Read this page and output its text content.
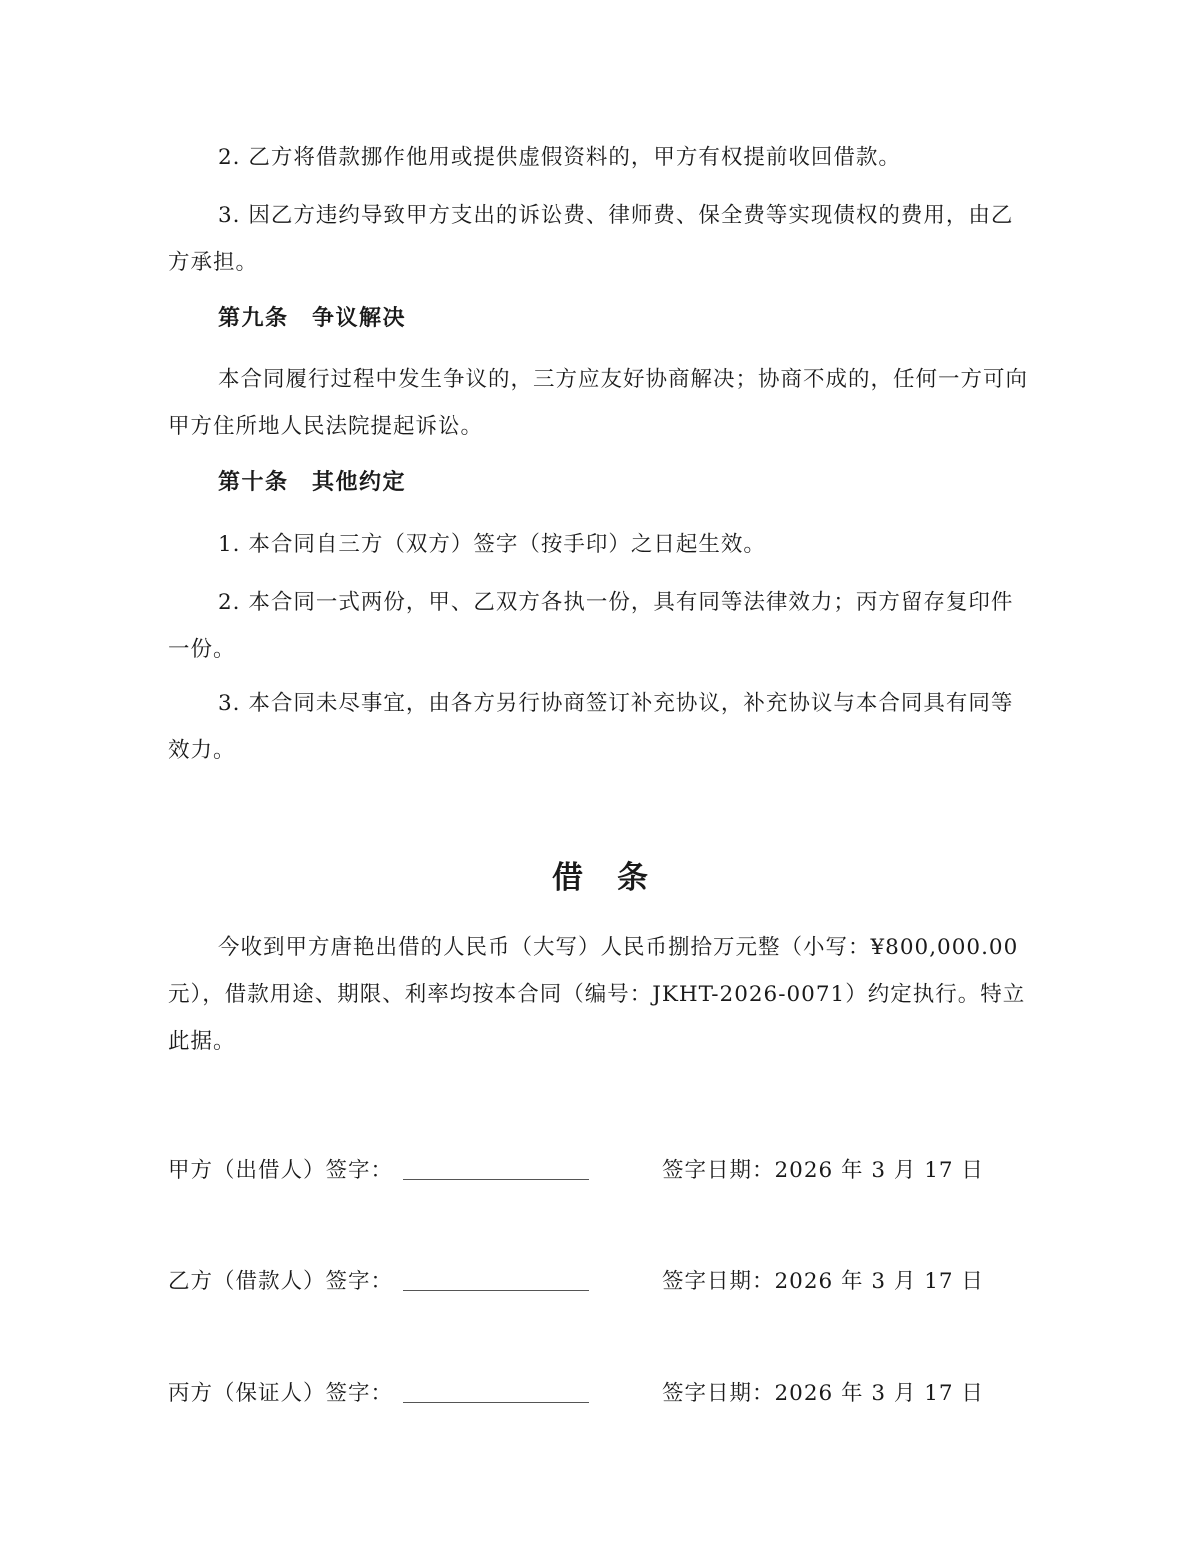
2. 乙方将借款挪作他用或提供虚假资料的，甲方有权提前收回借款。

3. 因乙方违约导致甲方支出的诉讼费、律师费、保全费等实现债权的费用，由乙方承担。

第九条　争议解决

本合同履行过程中发生争议的，三方应友好协商解决；协商不成的，任何一方可向甲方住所地人民法院提起诉讼。

第十条　其他约定

1. 本合同自三方（双方）签字（按手印）之日起生效。

2. 本合同一式两份，甲、乙双方各执一份，具有同等法律效力；丙方留存复印件一份。

3. 本合同未尽事宜，由各方另行协商签订补充协议，补充协议与本合同具有同等效力。

借条

今收到甲方唐艳出借的人民币（大写）人民币捌拾万元整（小写：¥800,000.00元），借款用途、期限、利率均按本合同（编号：JKHT-2026-0071）约定执行。特立此据。

甲方（出借人）签字：	签字日期：2026 年 3 月 17 日
乙方（借款人）签字：	签字日期：2026 年 3 月 17 日
丙方（保证人）签字：	签字日期：2026 年 3 月 17 日
